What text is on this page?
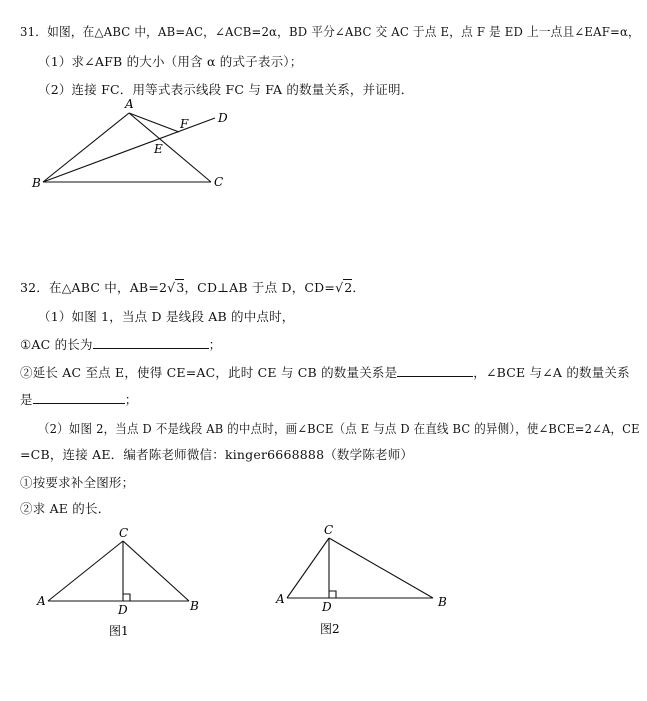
31．如图，在△ABC 中，AB=AC，∠ACB=2α，BD 平分∠ABC 交 AC 于点 E，点 F 是 ED 上一点且∠EAF=α，
（1）求∠AFB 的大小（用含 α 的式子表示）；
（2）连接 FC．用等式表示线段 FC 与 FA 的数量关系，并证明．
A
B	C
D
E
F
C
A	B
D
图1
C
A	B
D
图2
32．在△ABC 中，AB=2√3，CD⊥AB 于点 D，CD=√2．
（1）如图 1，当点 D 是线段 AB 的中点时，
①AC 的长为	；
②延长 AC 至点 E，使得 CE=AC，此时 CE 与 CB 的数量关系是	，∠BCE 与∠A 的数量关系
是	；
（2）如图 2，当点 D 不是线段 AB 的中点时，画∠BCE（点 E 与点 D 在直线 BC 的异侧），使∠BCE=2∠A，CE
=CB，连接 AE．编者陈老师微信：kinger6668888（数学陈老师）
①按要求补全图形；
②求 AE 的长．
